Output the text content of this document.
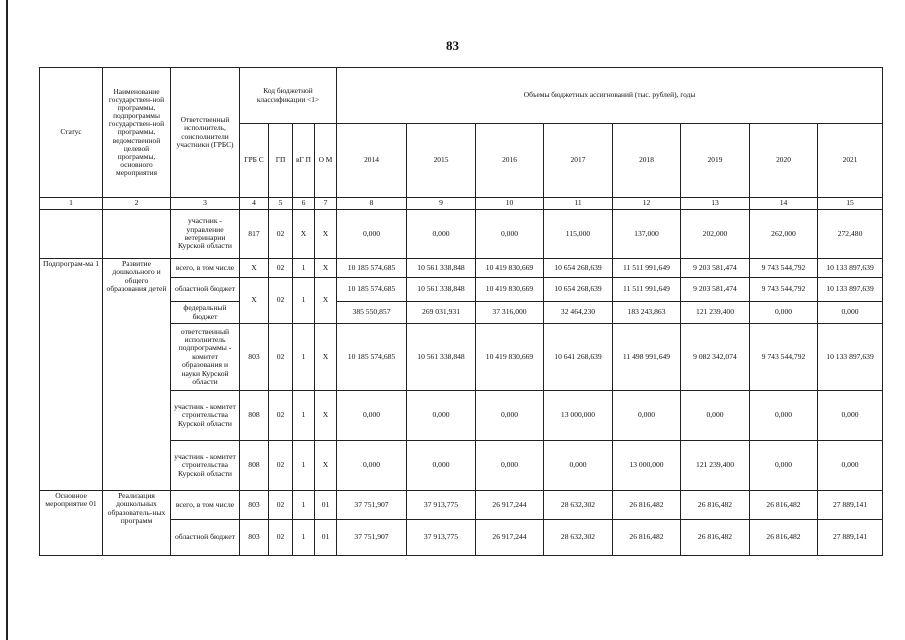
83
Статус	Наименование государствен-ной программы, подпрограммы государствен-ной программы, ведомственной целевой программы, основного мероприятия	Ответственный исполнитель, соисполнители участники (ГРБС)	Код бюджетной классификации <1>				Объемы бюджетных ассигнований (тыс. рублей), годы							
			ГРБ С	ГП	вГ П	О М	2014	2015	2016	2017	2018	2019	2020	2021
1	2	3	4	5	6	7	8	9	10	11	12	13	14	15
		участник - управление ветеринарии Курской области	817	02	Х	Х	0,000	0,000	0,000	115,000	137,000	202,000	262,000	272,480
Подпрограм-ма 1	Развитие дошкольного и общего образования детей	всего, в том числе	Х	02	1	Х	10 185 574,685	10 561 338,848	10 419 830,669	10 654 268,639	11 511 991,649	9 203 581,474	9 743 544,792	10 133 897,639
		областной бюджет	Х	02	1	Х	10 185 574,685	10 561 338,848	10 419 830,669	10 654 268,639	11 511 991,649	9 203 581,474	9 743 544,792	10 133 897,639
		федеральный бюджет					385 550,857	269 031,931	37 316,000	32 464,230	183 243,863	121 239,400	0,000	0,000
		ответственный исполнитель подпрограммы - комитет образования и науки Курской области	803	02	1	Х	10 185 574,685	10 561 338,848	10 419 830,669	10 641 268,639	11 498 991,649	9 082 342,074	9 743 544,792	10 133 897,639
		участник - комитет строительства Курской области	808	02	1	Х	0,000	0,000	0,000	13 000,000	0,000	0,000	0,000	0,000
		участник - комитет строительства Курской области	808	02	1	Х	0,000	0,000	0,000	0,000	13 000,000	121 239,400	0,000	0,000
Основное мероприятие 01	Реализация дошкольных образователь-ных программ	всего, в том числе	803	02	1	01	37 751,907	37 913,775	26 917,244	28 632,302	26 816,482	26 816,482	26 816,482	27 889,141
		областной бюджет	803	02	1	01	37 751,907	37 913,775	26 917,244	28 632,302	26 816,482	26 816,482	26 816,482	27 889,141
